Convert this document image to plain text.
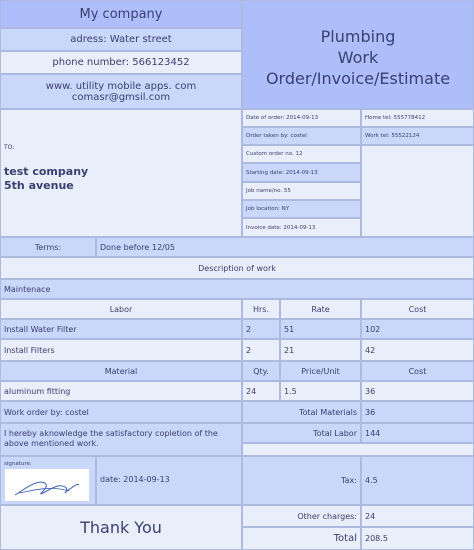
My company
adress: Water street
phone number: 566123452
www. utility mobile apps. com
comasr@gmsil.com
Plumbing
Work
Order/Invoice/Estimate
TO:
test company
5th avenue
Date of order: 2014-09-13
Order taken by: costel
Custom order no. 12
Starting date: 2014-09-13
Job name/no. 55
Job location: NY
Invoice date: 2014-09-13
Home tel: 555778412
Work tel: 55522124
Terms:	Done before 12/05
Description of work
Maintenace
Labor	Hrs.	Rate	Cost
Install Water Filter	2	51	102
Install Filters	2	21	42
Material	Qty.	Price/Unit	Cost
aluminum fitting	24	1.5	36
Work order by: costel	Total Materials	36
I hereby aknowledge the satisfactory copletion of the above mentioned work.
Total Labor	144
signature:
date: 2014-09-13	Tax:	4.5
Thank You
Other charges:	24
Total	208.5
